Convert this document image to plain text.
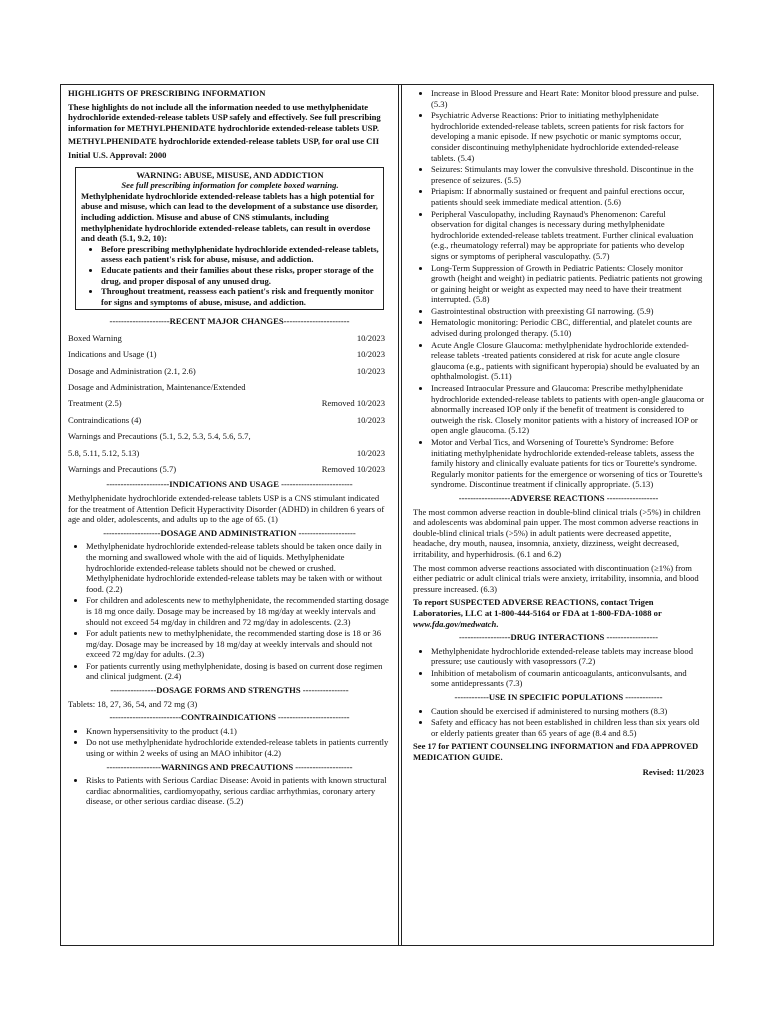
HIGHLIGHTS OF PRESCRIBING INFORMATION

These highlights do not include all the information needed to use methylphenidate hydrochloride extended-release tablets USP safely and effectively. See full prescribing information for METHYLPHENIDATE hydrochloride extended-release tablets USP.

METHYLPHENIDATE hydrochloride extended-release tablets USP, for oral use CII

Initial U.S. Approval: 2000

WARNING: ABUSE, MISUSE, AND ADDICTION
See full prescribing information for complete boxed warning.
Methylphenidate hydrochloride extended-release tablets has a high potential for abuse and misuse, which can lead to the development of a substance use disorder, including addiction. Misuse and abuse of CNS stimulants, including methylphenidate hydrochloride extended-release tablets, can result in overdose and death (5.1, 9.2, 10):
• Before prescribing methylphenidate hydrochloride extended-release tablets, assess each patient's risk for abuse, misuse, and addiction.
• Educate patients and their families about these risks, proper storage of the drug, and proper disposal of any unused drug.
• Throughout treatment, reassess each patient's risk and frequently monitor for signs and symptoms of abuse, misuse, and addiction.
---------------------RECENT MAJOR CHANGES-----------------------
Boxed Warning	10/2023
Indications and Usage (1)	10/2023
Dosage and Administration (2.1, 2.6)	10/2023
Dosage and Administration, Maintenance/Extended	
Treatment (2.5)	Removed 10/2023
Contraindications (4)	10/2023
Warnings and Precautions (5.1, 5.2, 5.3, 5.4, 5.6, 5.7,	
5.8, 5.11, 5.12, 5.13)	10/2023
Warnings and Precautions (5.7)	Removed 10/2023
----------------------INDICATIONS AND USAGE -------------------------

Methylphenidate hydrochloride extended-release tablets USP is a CNS stimulant indicated for the treatment of Attention Deficit Hyperactivity Disorder (ADHD) in children 6 years of age and older, adolescents, and adults up to the age of 65. (1)

--------------------DOSAGE AND ADMINISTRATION --------------------
• Methylphenidate hydrochloride extended-release tablets should be taken once daily in the morning and swallowed whole with the aid of liquids. Methylphenidate hydrochloride extended-release tablets should not be chewed or crushed. Methylphenidate hydrochloride extended-release tablets may be taken with or without food. (2.2)
• For children and adolescents new to methylphenidate, the recommended starting dosage is 18 mg once daily. Dosage may be increased by 18 mg/day at weekly intervals and should not exceed 54 mg/day in children and 72 mg/day in adolescents. (2.3)
• For adult patients new to methylphenidate, the recommended starting dose is 18 or 36 mg/day. Dosage may be increased by 18 mg/day at weekly intervals and should not exceed 72 mg/day for adults. (2.3)
• For patients currently using methylphenidate, dosing is based on current dose regimen and clinical judgment. (2.4)
----------------DOSAGE FORMS AND STRENGTHS ----------------

Tablets: 18, 27, 36, 54, and 72 mg (3)

-------------------------CONTRAINDICATIONS -------------------------
• Known hypersensitivity to the product (4.1)
• Do not use methylphenidate hydrochloride extended-release tablets in patients currently using or within 2 weeks of using an MAO inhibitor (4.2)
-------------------WARNINGS AND PRECAUTIONS --------------------
• Risks to Patients with Serious Cardiac Disease: Avoid in patients with known structural cardiac abnormalities, cardiomyopathy, serious cardiac arrhythmias, coronary artery disease, or other serious cardiac disease. (5.2)
• Increase in Blood Pressure and Heart Rate: Monitor blood pressure and pulse. (5.3)
• Psychiatric Adverse Reactions: Prior to initiating methylphenidate hydrochloride extended-release tablets, screen patients for risk factors for developing a manic episode. If new psychotic or manic symptoms occur, consider discontinuing methylphenidate hydrochloride extended-release tablets. (5.4)
• Seizures: Stimulants may lower the convulsive threshold. Discontinue in the presence of seizures. (5.5)
• Priapism: If abnormally sustained or frequent and painful erections occur, patients should seek immediate medical attention. (5.6)
• Peripheral Vasculopathy, including Raynaud's Phenomenon: Careful observation for digital changes is necessary during methylphenidate hydrochloride extended-release tablets treatment. Further clinical evaluation (e.g., rheumatology referral) may be appropriate for patients who develop signs or symptoms of peripheral vasculopathy. (5.7)
• Long-Term Suppression of Growth in Pediatric Patients: Closely monitor growth (height and weight) in pediatric patients. Pediatric patients not growing or gaining height or weight as expected may need to have their treatment interrupted. (5.8)
• Gastrointestinal obstruction with preexisting GI narrowing. (5.9)
• Hematologic monitoring: Periodic CBC, differential, and platelet counts are advised during prolonged therapy. (5.10)
• Acute Angle Closure Glaucoma: methylphenidate hydrochloride extended-release tablets -treated patients considered at risk for acute angle closure glaucoma (e.g., patients with significant hyperopia) should be evaluated by an ophthalmologist. (5.11)
• Increased Intraocular Pressure and Glaucoma: Prescribe methylphenidate hydrochloride extended-release tablets to patients with open-angle glaucoma or abnormally increased IOP only if the benefit of treatment is considered to outweigh the risk. Closely monitor patients with a history of increased IOP or open angle glaucoma. (5.12)
• Motor and Verbal Tics, and Worsening of Tourette's Syndrome: Before initiating methylphenidate hydrochloride extended-release tablets, assess the family history and clinically evaluate patients for tics or Tourette's syndrome. Regularly monitor patients for the emergence or worsening of tics or Tourette's syndrome. Discontinue treatment if clinically appropriate. (5.13)
------------------ADVERSE REACTIONS ------------------

The most common adverse reaction in double-blind clinical trials (>5%) in children and adolescents was abdominal pain upper. The most common adverse reactions in double-blind clinical trials (>5%) in adult patients were decreased appetite, headache, dry mouth, nausea, insomnia, anxiety, dizziness, weight decreased, irritability, and hyperhidrosis. (6.1 and 6.2)

The most common adverse reactions associated with discontinuation (≥1%) from either pediatric or adult clinical trials were anxiety, irritability, insomnia, and blood pressure increased. (6.3)

To report SUSPECTED ADVERSE REACTIONS, contact Trigen Laboratories, LLC at 1-800-444-5164 or FDA at 1-800-FDA-1088 or www.fda.gov/medwatch.

------------------DRUG INTERACTIONS ------------------
• Methylphenidate hydrochloride extended-release tablets may increase blood pressure; use cautiously with vasopressors (7.2)
• Inhibition of metabolism of coumarin anticoagulants, anticonvulsants, and some antidepressants (7.3)
------------USE IN SPECIFIC POPULATIONS -------------
• Caution should be exercised if administered to nursing mothers (8.3)
• Safety and efficacy has not been established in children less than six years old or elderly patients greater than 65 years of age (8.4 and 8.5)

See 17 for PATIENT COUNSELING INFORMATION and FDA APPROVED MEDICATION GUIDE.

Revised: 11/2023
